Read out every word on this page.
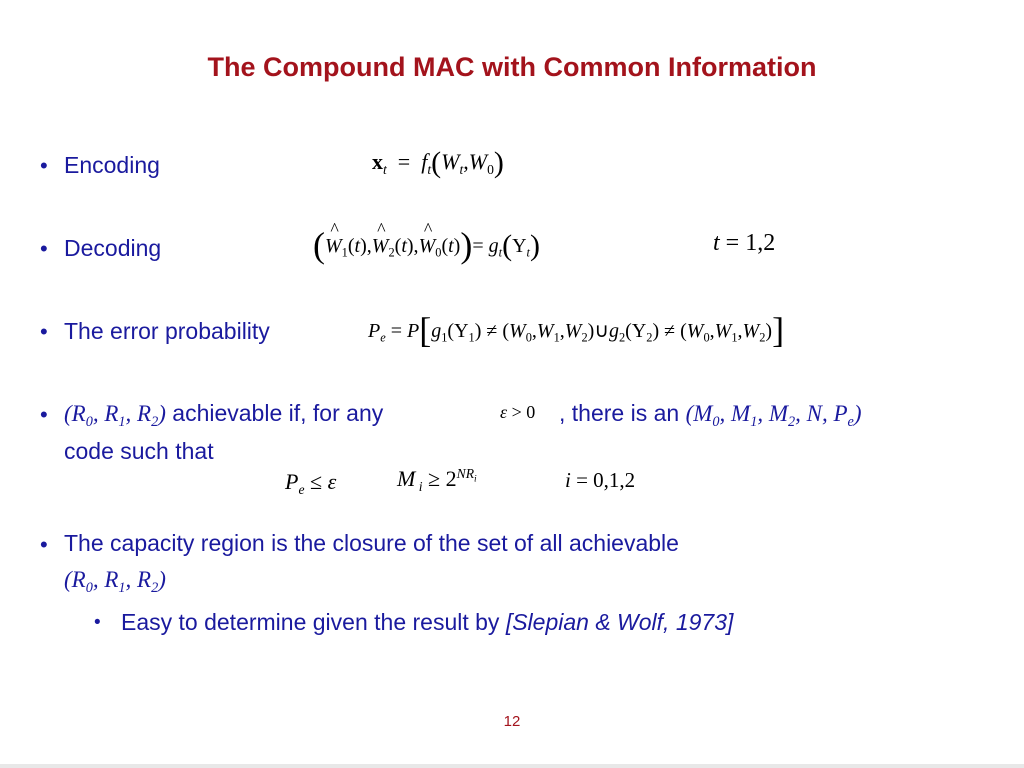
The Compound MAC with Common Information
• Encoding	$x_t = f_t(W_t,W_0)$
• Decoding	(^ $W_1(t),\^{}$ $W_2(t),\^{}$ $W_0(t))= g_t(Y_t)$	t = 1,2
• The error probability	$P_e = P[g_1(Y_1)$ ≠ $(W_0,W_1,W_2)\cup g_2(Y_2) \ne (W_0,W_1,W_2)$]
• ($R_0$, $R_1$, $R_2$) achievable if, for any	ε > 0 , there is an ($M_0$, $M_1$, $M_2$, N, $P_e$)
code such that
$P_e \le \varepsilon$	M $_i \ge 2^{NR_i}$	i = 0,1,2
• The capacity region is the closure of the set of all achievable
($R_0$, $R_1$, $R_2$)
• Easy to determine given the result by [Slepian & Wolf, 1973]
12
